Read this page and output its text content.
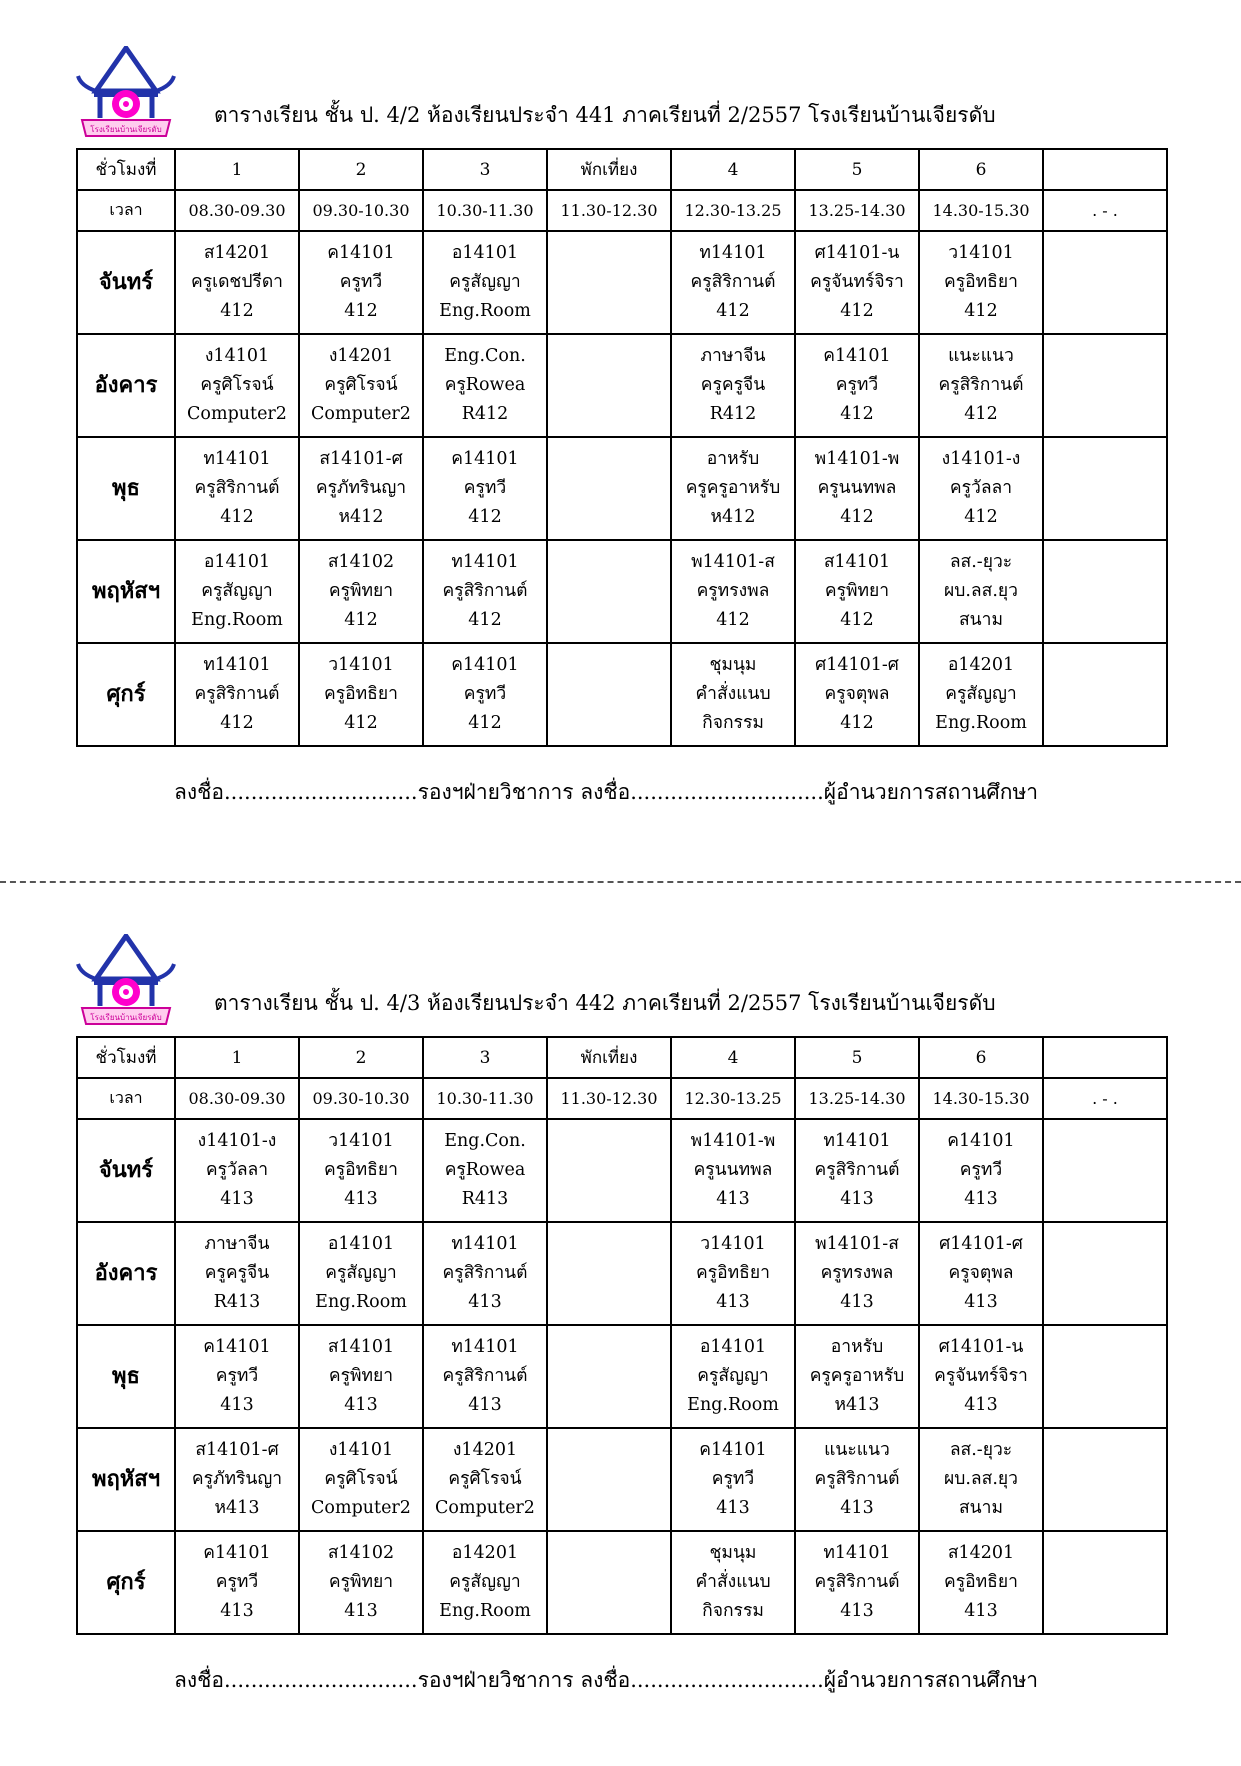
โรงเรียนบ้านเจียรดับ
ตารางเรียน ชั้น ป. 4/2 ห้องเรียนประจำ 441 ภาคเรียนที่ 2/2557 โรงเรียนบ้านเจียรดับ
ชั่วโมงที่	1	2	3	พักเที่ยง	4	5	6	
เวลา	08.30-09.30	09.30-10.30	10.30-11.30	11.30-12.30	12.30-13.25	13.25-14.30	14.30-15.30	. - .
จันทร์	ส14201
ครูเดชปรีดา
412	ค14101
ครูทวี
412	อ14101
ครูสัญญา
Eng.Room		ท14101
ครูสิริกานต์
412	ศ14101-น
ครูจันทร์จิรา
412	ว14101
ครูอิทธิยา
412	

อังคาร	ง14101
ครูศิโรจน์
Computer2	ง14201
ครูศิโรจน์
Computer2	Eng.Con.
ครูRowea
R412		ภาษาจีน
ครูครูจีน
R412	ค14101
ครูทวี
412	แนะแนว
ครูสิริกานต์
412	

พุธ	ท14101
ครูสิริกานต์
412	ส14101-ศ
ครูภัทรินญา
ห412	ค14101
ครูทวี
412		อาหรับ
ครูครูอาหรับ
ห412	พ14101-พ
ครูนนทพล
412	ง14101-ง
ครูวัลลา
412	

พฤหัสฯ	อ14101
ครูสัญญา
Eng.Room	ส14102
ครูพิทยา
412	ท14101
ครูสิริกานต์
412		พ14101-ส
ครูทรงพล
412	ส14101
ครูพิทยา
412	ลส.-ยุวะ
ผบ.ลส.ยุว
สนาม	

ศุกร์	ท14101
ครูสิริกานต์
412	ว14101
ครูอิทธิยา
412	ค14101
ครูทวี
412		ชุมนุม
คำสั่งแนบ
กิจกรรม	ศ14101-ศ
ครูจตุพล
412	อ14201
ครูสัญญา
Eng.Room	

ลงชื่อ.............................รองฯฝ่ายวิชาการ ลงชื่อ.............................ผู้อำนวยการสถานศึกษา
โรงเรียนบ้านเจียรดับ
ตารางเรียน ชั้น ป. 4/3 ห้องเรียนประจำ 442 ภาคเรียนที่ 2/2557 โรงเรียนบ้านเจียรดับ
ชั่วโมงที่	1	2	3	พักเที่ยง	4	5	6	
เวลา	08.30-09.30	09.30-10.30	10.30-11.30	11.30-12.30	12.30-13.25	13.25-14.30	14.30-15.30	. - .
จันทร์	ง14101-ง
ครูวัลลา
413	ว14101
ครูอิทธิยา
413	Eng.Con.
ครูRowea
R413		พ14101-พ
ครูนนทพล
413	ท14101
ครูสิริกานต์
413	ค14101
ครูทวี
413	

อังคาร	ภาษาจีน
ครูครูจีน
R413	อ14101
ครูสัญญา
Eng.Room	ท14101
ครูสิริกานต์
413		ว14101
ครูอิทธิยา
413	พ14101-ส
ครูทรงพล
413	ศ14101-ศ
ครูจตุพล
413	

พุธ	ค14101
ครูทวี
413	ส14101
ครูพิทยา
413	ท14101
ครูสิริกานต์
413		อ14101
ครูสัญญา
Eng.Room	อาหรับ
ครูครูอาหรับ
ห413	ศ14101-น
ครูจันทร์จิรา
413	

พฤหัสฯ	ส14101-ศ
ครูภัทรินญา
ห413	ง14101
ครูศิโรจน์
Computer2	ง14201
ครูศิโรจน์
Computer2		ค14101
ครูทวี
413	แนะแนว
ครูสิริกานต์
413	ลส.-ยุวะ
ผบ.ลส.ยุว
สนาม	

ศุกร์	ค14101
ครูทวี
413	ส14102
ครูพิทยา
413	อ14201
ครูสัญญา
Eng.Room		ชุมนุม
คำสั่งแนบ
กิจกรรม	ท14101
ครูสิริกานต์
413	ส14201
ครูอิทธิยา
413	

ลงชื่อ.............................รองฯฝ่ายวิชาการ ลงชื่อ.............................ผู้อำนวยการสถานศึกษา
